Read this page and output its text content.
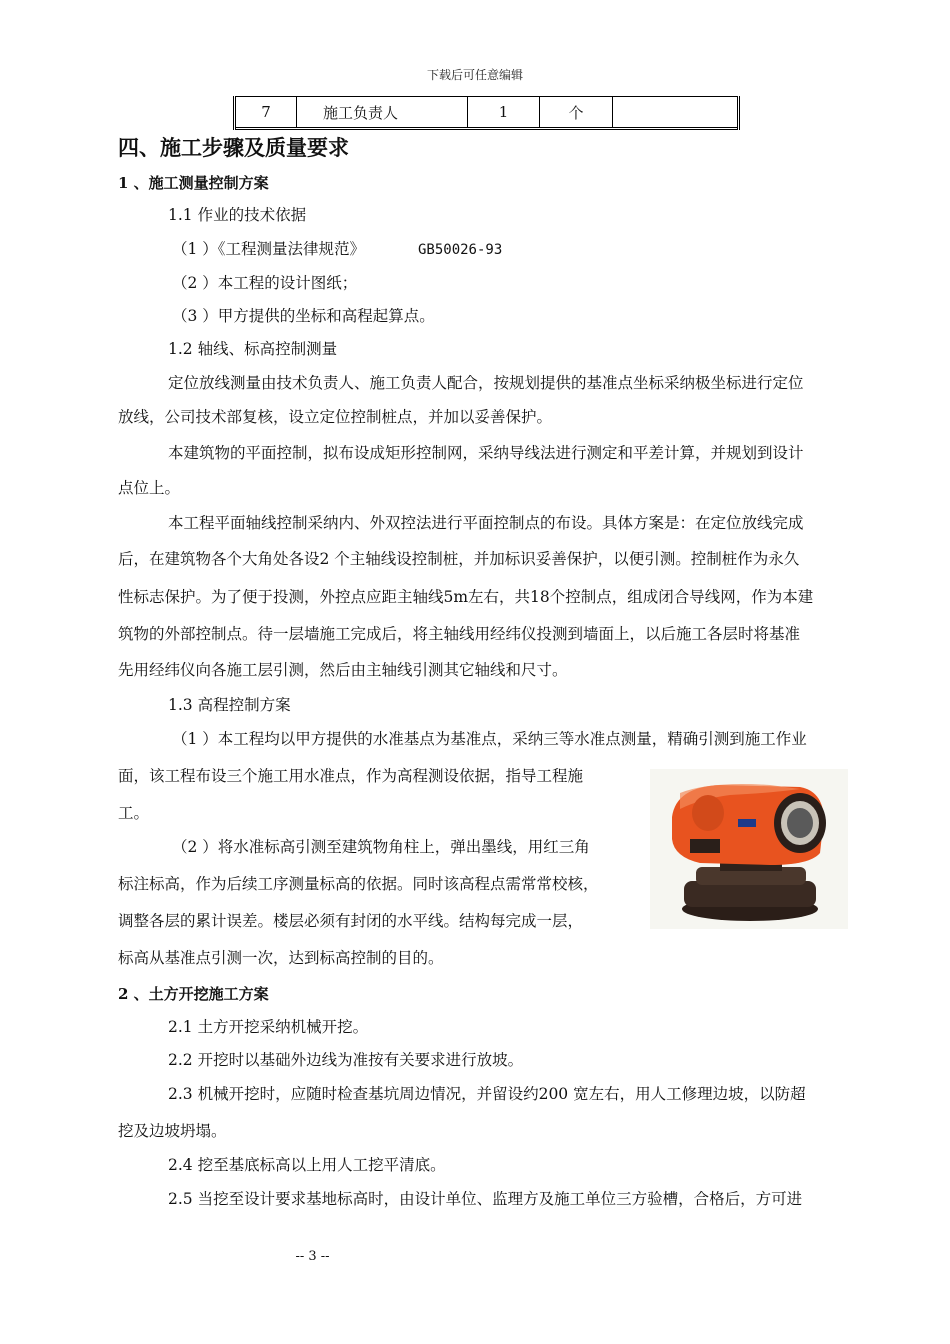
下载后可任意编辑
7	施工负责人	1	个	
四、施工步骤及质量要求
1 、施工测量控制方案
1.1 作业的技术依据
（1 ）《工程测量法律规范》	GB50026-93
（2 ）本工程的设计图纸；
（3 ）甲方提供的坐标和高程起算点。
1.2 轴线、标高控制测量
定位放线测量由技术负责人、施工负责人配合，按规划提供的基准点坐标采纳极坐标进行定位
放线，公司技术部复核，设立定位控制桩点，并加以妥善保护。
本建筑物的平面控制，拟布设成矩形控制网，采纳导线法进行测定和平差计算，并规划到设计
点位上。
本工程平面轴线控制采纳内、外双控法进行平面控制点的布设。具体方案是：在定位放线完成
后，在建筑物各个大角处各设2 个主轴线设控制桩，并加标识妥善保护，以便引测。控制桩作为永久
性标志保护。为了便于投测，外控点应距主轴线5m左右，共18个控制点，组成闭合导线网，作为本建
筑物的外部控制点。待一层墙施工完成后，将主轴线用经纬仪投测到墙面上，以后施工各层时将基准
先用经纬仪向各施工层引测，然后由主轴线引测其它轴线和尺寸。
1.3 高程控制方案
（1 ）本工程均以甲方提供的水准基点为基准点，采纳三等水准点测量，精确引测到施工作业
面，该工程布设三个施工用水准点，作为高程测设依据，指导工程施
工。
（2 ）将水准标高引测至建筑物角柱上，弹出墨线，用红三角
标注标高，作为后续工序测量标高的依据。同时该高程点需常常校核，
调整各层的累计误差。楼层必须有封闭的水平线。结构每完成一层，
标高从基准点引测一次，达到标高控制的目的。
2 、土方开挖施工方案
2.1 土方开挖采纳机械开挖。
2.2 开挖时以基础外边线为准按有关要求进行放坡。
2.3 机械开挖时，应随时检查基坑周边情况，并留设约200 宽左右，用人工修理边坡，以防超
挖及边坡坍塌。
2.4 挖至基底标高以上用人工挖平清底。
2.5 当挖至设计要求基地标高时，由设计单位、监理方及施工单位三方验槽，合格后，方可进
-- 3 --
